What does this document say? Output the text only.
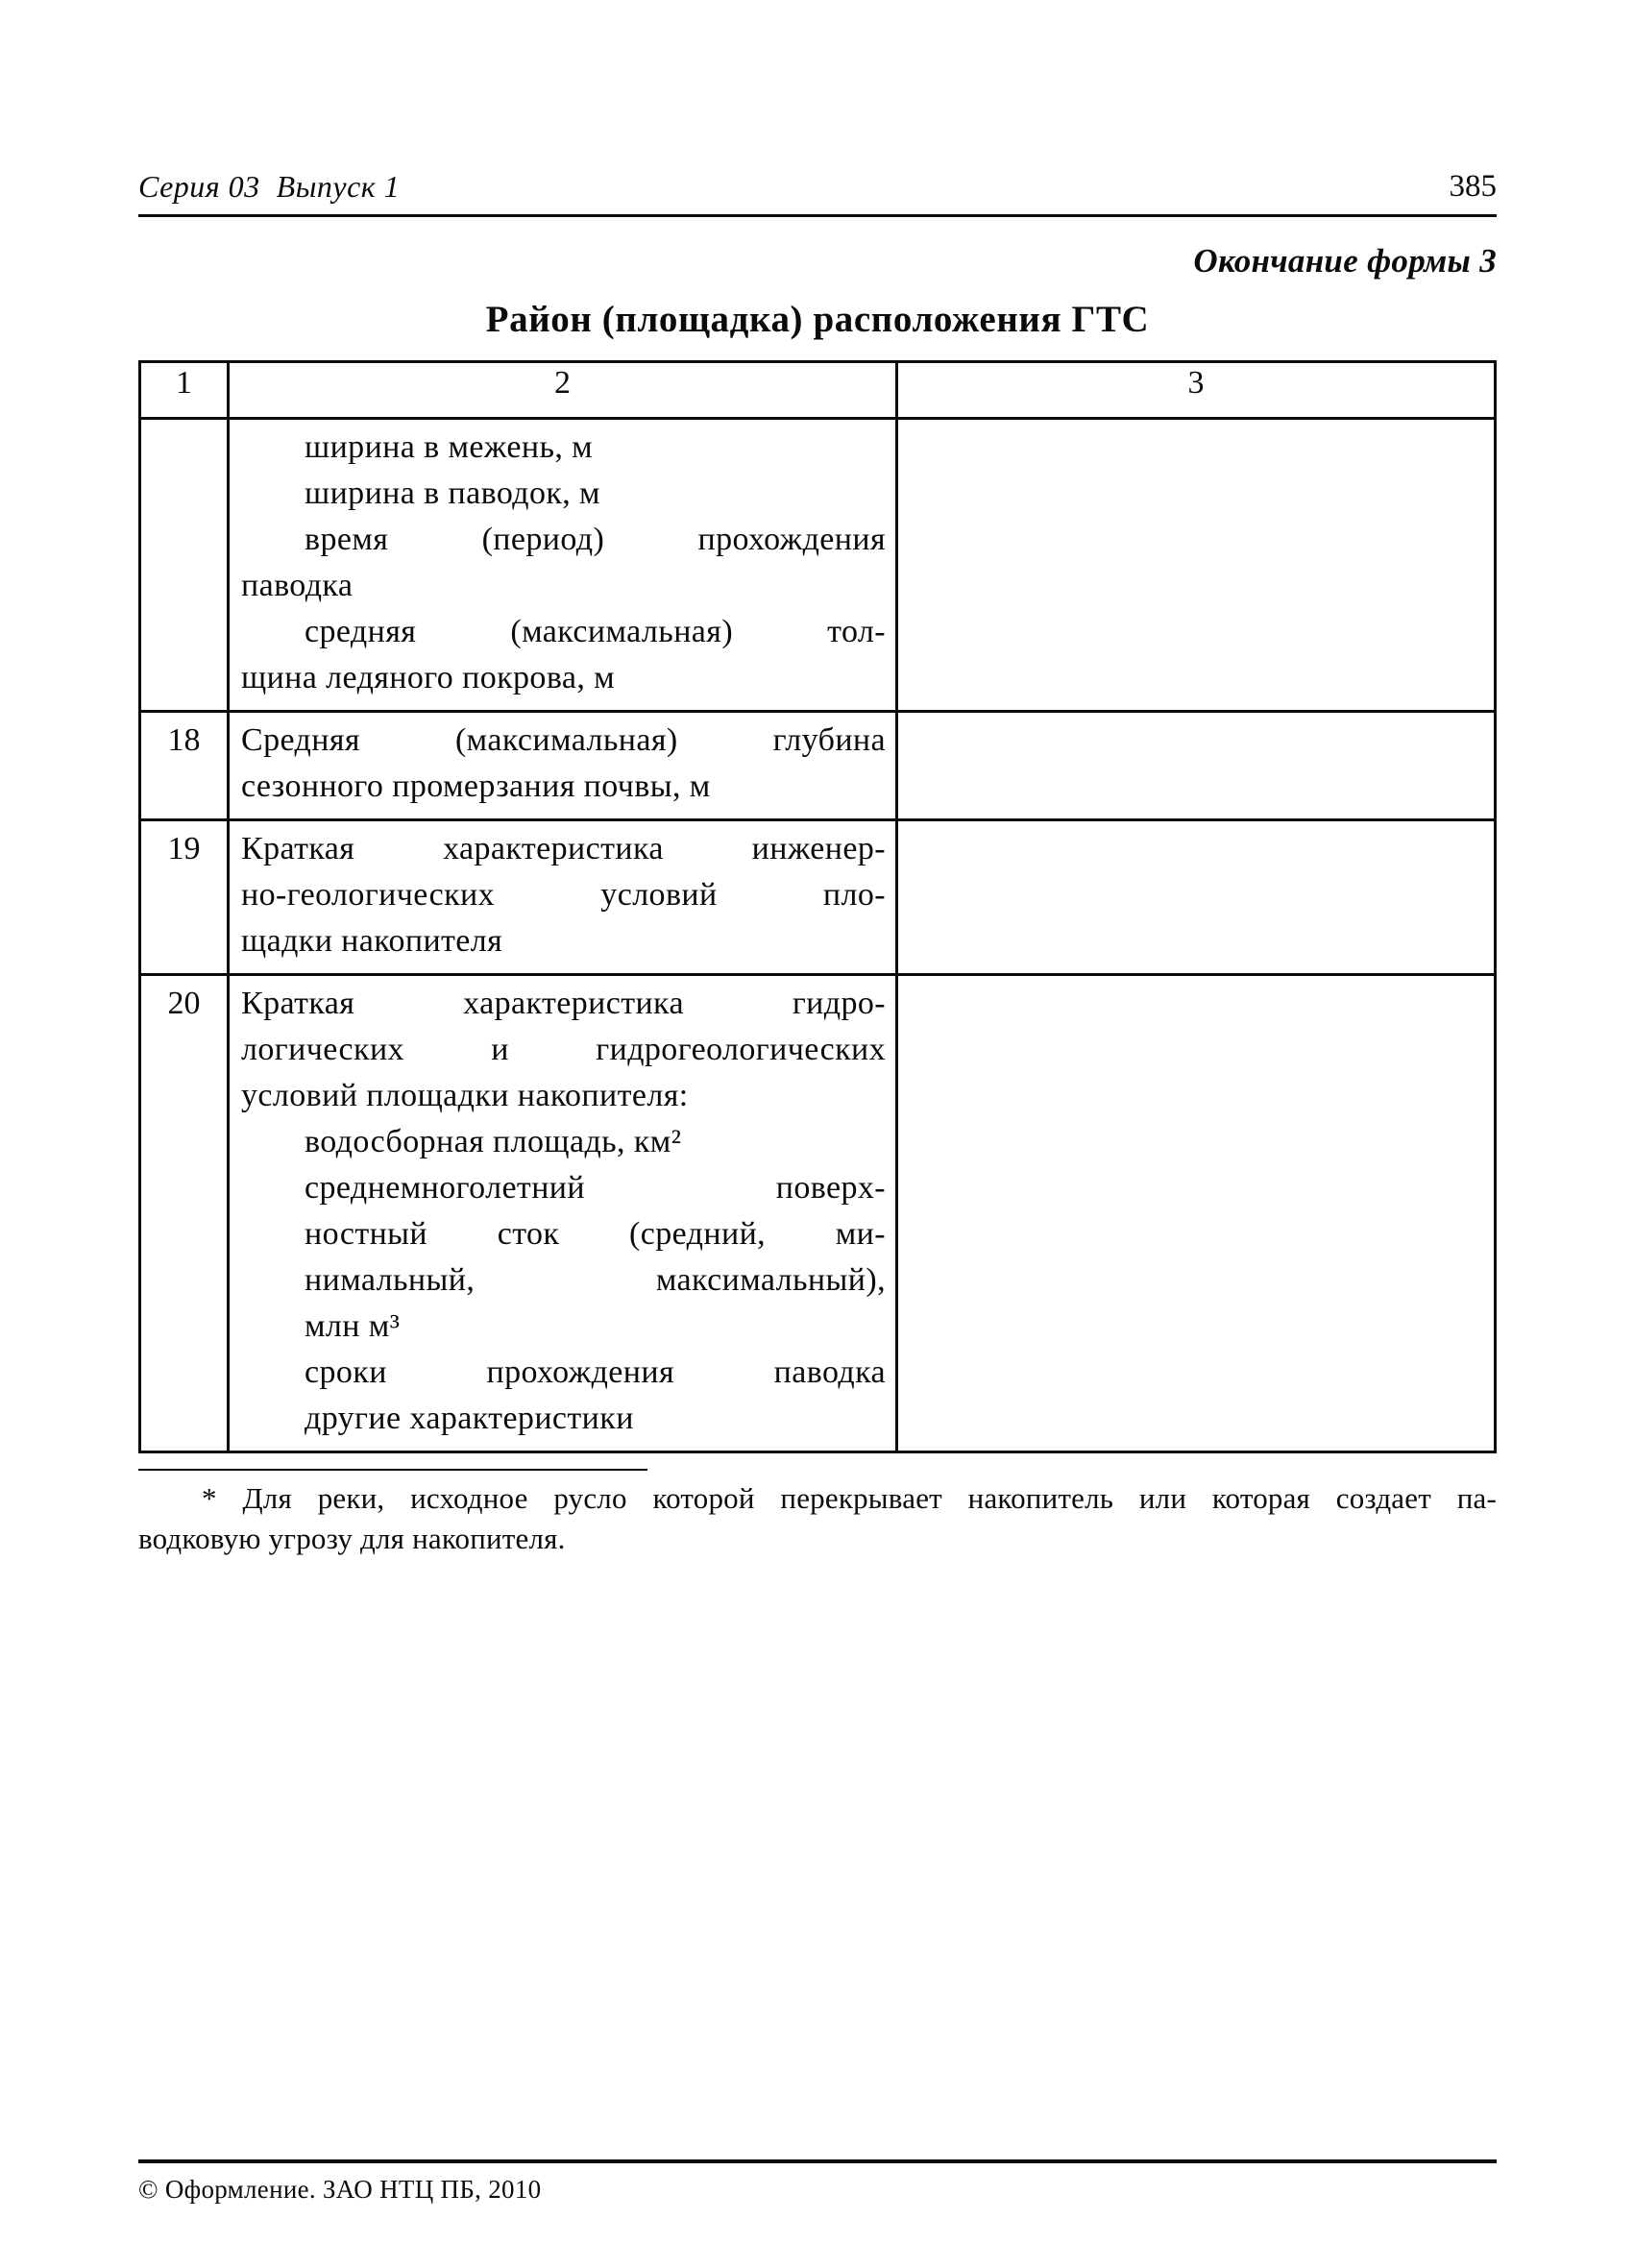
Серия 03  Выпуск 1	385
Окончание формы 3
Район (площадка) расположения ГТС
1	2	3

ширина в межень, м
ширина в паводок, м
время (период) прохождения
паводка
средняя (максимальная) тол-
щина ледяного покрова, м

18	Средняя (максимальная) глубина
сезонного промерзания почвы, м	

19	Краткая характеристика инженер-
но-геологических условий пло-
щадки накопителя	

20	Краткая характеристика гидро-
логических и гидрогеологических
условий площадки накопителя:
водосборная площадь, км²
среднемноголетний поверх-
ностный сток (средний, ми-
нимальный, максимальный),
млн м³
сроки прохождения паводка
другие характеристики

* Для реки, исходное русло которой перекрывает накопитель или которая создает па-
водковую угрозу для накопителя.
© Оформление. ЗАО НТЦ ПБ, 2010
